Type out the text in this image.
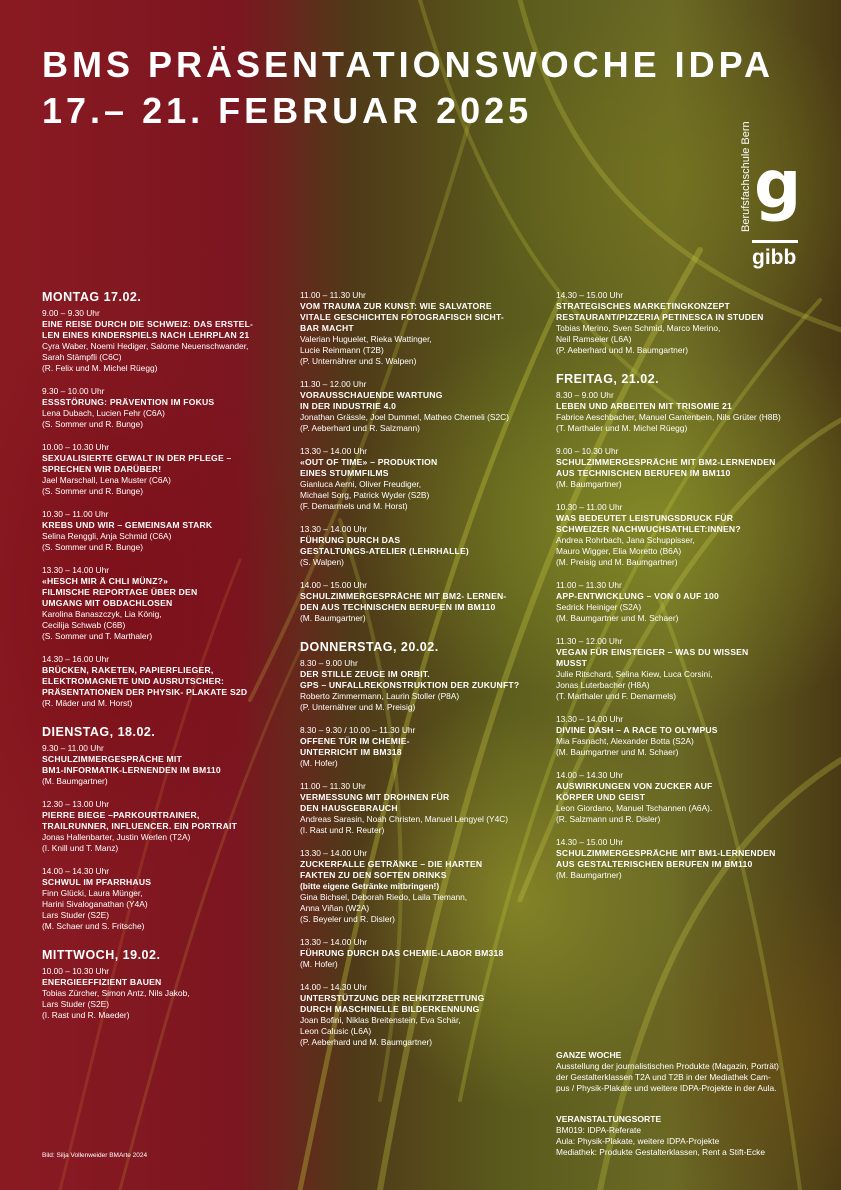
BMS PRÄSENTATIONSWOCHE IDPA
17.– 21. FEBRUAR 2025
Berufsfachschule Bern g
gibb
MONTAG 17.02.
9.00 – 9.30 Uhr
EINE REISE DURCH DIE SCHWEIZ: DAS ERSTEL-
LEN EINES KINDERSPIELS NACH LEHRPLAN 21
Cyra Waber, Noemi Hediger, Salome Neuenschwander,
Sarah Stämpfli (C6C)
(R. Felix und M. Michel Rüegg)
9.30 – 10.00 Uhr
ESSSTÖRUNG: PRÄVENTION IM FOKUS
Lena Dubach, Lucien Fehr (C6A)
(S. Sommer und R. Bunge)
10.00 – 10.30 Uhr
SEXUALISIERTE GEWALT IN DER PFLEGE –
SPRECHEN WIR DARÜBER!
Jael Marschall, Lena Muster (C6A)
(S. Sommer und R. Bunge)
10.30 – 11.00 Uhr
KREBS UND WIR – GEMEINSAM STARK
Selina Renggli, Anja Schmid (C6A)
(S. Sommer und R. Bunge)
13.30 – 14.00 Uhr
«HESCH MIR Ä CHLI MÜNZ?»
FILMISCHE REPORTAGE ÜBER DEN
UMGANG MIT OBDACHLOSEN
Karolina Banaszczyk, Lia König,
Cecilija Schwab (C6B)
(S. Sommer und T. Marthaler)
14.30 – 16.00 Uhr
BRÜCKEN, RAKETEN, PAPIERFLIEGER,
ELEKTROMAGNETE UND AUSRUTSCHER:
PRÄSENTATIONEN DER PHYSIK- PLAKATE S2D
(R. Mäder und M. Horst)
DIENSTAG, 18.02.
9.30 – 11.00 Uhr
SCHULZIMMERGESPRÄCHE MIT
BM1-INFORMATIK-LERNENDEN IM BM110
(M. Baumgartner)
12.30 – 13.00 Uhr
PIERRE BIEGE –PARKOURTRAINER,
TRAILRUNNER, INFLUENCER. EIN PORTRAIT
Jonas Hallenbarter, Justin Werlen (T2A)
(I. Knill und T. Manz)
14.00 – 14.30 Uhr
SCHWUL IM PFARRHAUS
Finn Glücki, Laura Münger,
Harini Sivaloganathan (Y4A)
Lars Studer (S2E)
(M. Schaer und S. Fritsche)
MITTWOCH, 19.02.
10.00 – 10.30 Uhr
ENERGIEEFFIZIENT BAUEN
Tobias Zürcher, Simon Antz, Nils Jakob,
Lars Studer (S2E)
(I. Rast und R. Maeder)
11.00 – 11.30 Uhr
VOM TRAUMA ZUR KUNST: WIE SALVATORE
VITALE GESCHICHTEN FOTOGRAFISCH SICHT-
BAR MACHT
Valerian Huguelet, Rieka Wattinger,
Lucie Reinmann (T2B)
(P. Unternährer und S. Walpen)
11.30 – 12.00 Uhr
VORAUSSCHAUENDE WARTUNG
IN DER INDUSTRIE 4.0
Jonathan Grässle, Joel Dummel, Matheo Chemeli (S2C)
(P. Aeberhard und R. Salzmann)
13.30 – 14.00 Uhr
«OUT OF TIME» – PRODUKTION
EINES STUMMFILMS
Gianluca Aerni, Oliver Freudiger,
Michael Sorg, Patrick Wyder (S2B)
(F. Demarmels und M. Horst)
13.30 – 14.00 Uhr
FÜHRUNG DURCH DAS
GESTALTUNGS-ATELIER (LEHRHALLE)
(S. Walpen)
14.00 – 15.00 Uhr
SCHULZIMMERGESPRÄCHE MIT BM2- LERNEN-
DEN AUS TECHNISCHEN BERUFEN IM BM110
(M. Baumgartner)
DONNERSTAG, 20.02.
8.30 – 9.00 Uhr
DER STILLE ZEUGE IM ORBIT.
GPS – UNFALLREKONSTRUKTION DER ZUKUNFT?
Roberto Zimmermann, Laurin Stoller (P8A)
(P. Unternährer und M. Preisig)
8.30 – 9.30 / 10.00 – 11.30 Uhr
OFFENE TÜR IM CHEMIE-
UNTERRICHT IM BM318
(M. Hofer)
11.00 – 11.30 Uhr
VERMESSUNG MIT DROHNEN FÜR
DEN HAUSGEBRAUCH
Andreas Sarasin, Noah Christen, Manuel Lengyel (Y4C)
(I. Rast und R. Reuter)
13.30 – 14.00 Uhr
ZUCKERFALLE GETRÄNKE – DIE HARTEN
FAKTEN ZU DEN SOFTEN DRINKS
(bitte eigene Getränke mitbringen!)
Gina Bichsel, Deborah Riedo, Laila Tiemann,
Anna Viñan (W2A)
(S. Beyeler und R. Disler)
13.30 – 14.00 Uhr
FÜHRUNG DURCH DAS CHEMIE-LABOR BM318
(M. Hofer)
14.00 – 14.30 Uhr
UNTERSTÜTZUNG DER REHKITZRETTUNG
DURCH MASCHINELLE BILDERKENNUNG
Joan Bofini, Niklas Breitenstein, Eva Schär,
Leon Calusic (L6A)
(P. Aeberhard und M. Baumgartner)
14.30 – 15.00 Uhr
STRATEGISCHES MARKETINGKONZEPT
RESTAURANT/PIZZERIA PETINESCA IN STUDEN
Tobias Merino, Sven Schmid, Marco Merino,
Neil Ramseier (L6A)
(P. Aeberhard und M. Baumgartner)
FREITAG, 21.02.
8.30 – 9.00 Uhr
LEBEN UND ARBEITEN MIT TRISOMIE 21
Fabrice Aeschbacher, Manuel Gantenbein, Nils Grüter (H8B)
(T. Marthaler und M. Michel Rüegg)
9.00 – 10.30 Uhr
SCHULZIMMERGESPRÄCHE MIT BM2-LERNENDEN
AUS TECHNISCHEN BERUFEN IM BM110
(M. Baumgartner)
10.30 – 11.00 Uhr
WAS BEDEUTET LEISTUNGSDRUCK FÜR
SCHWEIZER NACHWUCHSATHLET:INNEN?
Andrea Rohrbach, Jana Schuppisser,
Mauro Wigger, Elia Moretto (B6A)
(M. Preisig und M. Baumgartner)
11.00 – 11.30 Uhr
APP-ENTWICKLUNG – VON 0 AUF 100
Sedrick Heiniger (S2A)
(M. Baumgartner und M. Schaer)
11.30 – 12.00 Uhr
VEGAN FÜR EINSTEIGER – WAS DU WISSEN
MUSST
Julie Ritschard, Selina Kiew, Luca Corsini,
Jonas Luterbacher (H8A)
(T. Marthaler und F. Demarmels)
13.30 – 14.00 Uhr
DIVINE DASH – A RACE TO OLYMPUS
Mia Fasnacht, Alexander Botta (S2A)
(M. Baumgartner und M. Schaer)
14.00 – 14.30 Uhr
AUSWIRKUNGEN VON ZUCKER AUF
KÖRPER UND GEIST
Leon Giordano, Manuel Tschannen (A6A).
(R. Salzmann und R. Disler)
14.30 – 15.00 Uhr
SCHULZIMMERGESPRÄCHE MIT BM1-LERNENDEN
AUS GESTALTERISCHEN BERUFEN IM BM110
(M. Baumgartner)
GANZE WOCHE
Ausstellung der journalistischen Produkte (Magazin, Porträt)
der Gestalterklassen T2A und T2B in der Mediathek Cam-
pus / Physik-Plakate und weitere IDPA-Projekte in der Aula.
VERANSTALTUNGSORTE
BM019: IDPA-Referate
Aula: Physik-Plakate, weitere IDPA-Projekte
Mediathek: Produkte Gestalterklassen, Rent a Stift-Ecke
Bild: Silja Vollenweider BMArte 2024
